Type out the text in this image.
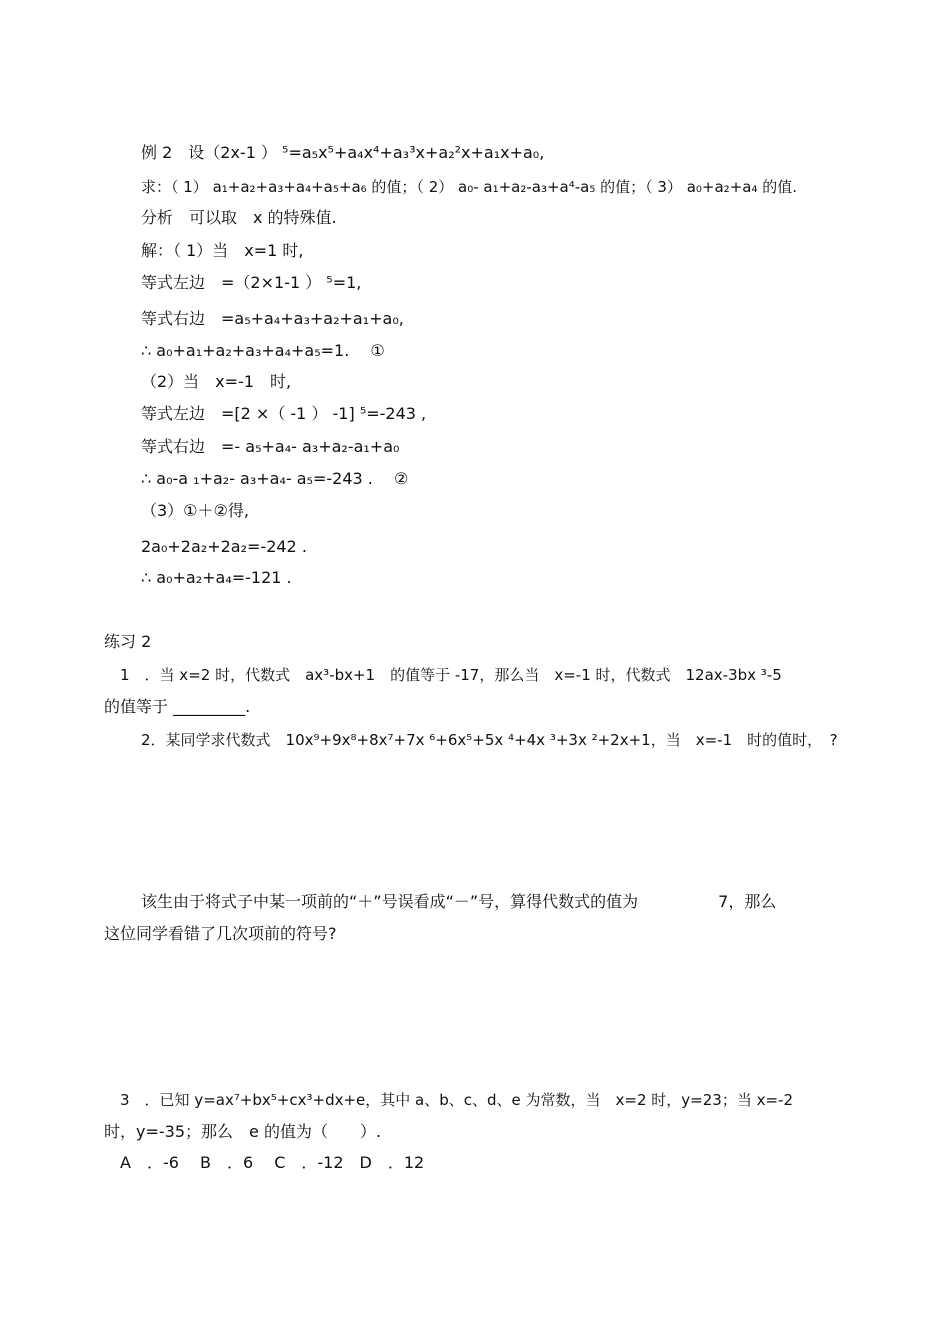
例 2　设（2x-1 ） ⁵=a₅x⁵+a₄x⁴+a₃³x+a₂²x+a₁x+a₀,
求：（ 1） a₁+a₂+a₃+a₄+a₅+a₆ 的值；（ 2） a₀- a₁+a₂-a₃+a⁴-a₅ 的值；（ 3） a₀+a₂+a₄ 的值.
分析　可以取　x 的特殊值.
解：（ 1）当　x=1 时,
等式左边　=（2×1-1 ） ⁵=1,
等式右边　=a₅+a₄+a₃+a₂+a₁+a₀,
∴ a₀+a₁+a₂+a₃+a₄+a₅=1.　 ①
（2）当　x=-1　时,
等式左边　=[2 ×（ -1 ） -1] ⁵=-243 ,
等式右边　=- a₅+a₄- a₃+a₂-a₁+a₀
∴ a₀-a ₁+a₂- a₃+a₄- a₅=-243 .　 ②
（3）①＋②得,
2a₀+2a₂+2a₂=-242 .
∴ a₀+a₂+a₄=-121 .
练习 2
1　．当 x=2 时，代数式　ax³-bx+1　的值等于 -17，那么当　x=-1 时，代数式　12ax-3bx ³-5
的值等于 _________.
2．某同学求代数式　10x⁹+9x⁸+8x⁷+7x ⁶+6x⁵+5x ⁴+4x ³+3x ²+2x+1，当　x=-1　时的值时，　?
该生由于将式子中某一项前的“＋”号误看成“－”号，算得代数式的值为　　　　　7，那么
这位同学看错了几次项前的符号?
3　．已知 y=ax⁷+bx⁵+cx³+dx+e，其中 a、b、c、d、e 为常数，当　x=2 时，y=23；当 x=-2
时，y=-35；那么　e 的值为（　　）.
A　．-6　 B　．6　 C　．-12　D　．12
